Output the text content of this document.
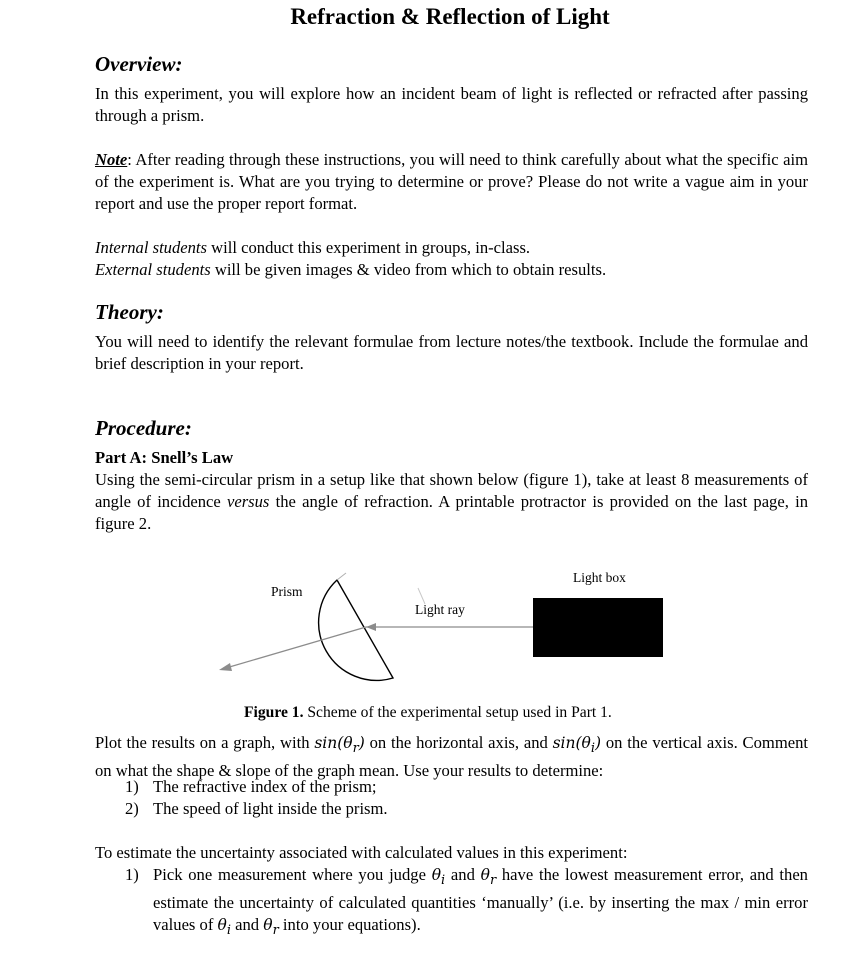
Refraction & Reflection of Light
Overview:

In this experiment, you will explore how an incident beam of light is reflected or refracted after passing through a prism.

Note: After reading through these instructions, you will need to think carefully about what the specific aim of the experiment is. What are you trying to determine or prove? Please do not write a vague aim in your report and use the proper report format.

Internal students will conduct this experiment in groups, in-class.

External students will be given images & video from which to obtain results.

Theory:

You will need to identify the relevant formulae from lecture notes/the textbook. Include the formulae and brief description in your report.

Procedure:

Part A: Snell’s Law

Using the semi-circular prism in a setup like that shown below (figure 1), take at least 8 measurements of angle of incidence versus the angle of refraction. A printable protractor is provided on the last page, in figure 2.

Prism
Light ray
Light box

Figure 1. Scheme of the experimental setup used in Part 1.

Plot the results on a graph, with $\sin(\theta_r)$ on the horizontal axis, and $\sin(\theta_i)$ on the vertical axis. Comment on what the shape & slope of the graph mean. Use your results to determine:

1) The refractive index of the prism;
2) The speed of light inside the prism.

To estimate the uncertainty associated with calculated values in this experiment:

1) Pick one measurement where you judge $\theta_i$ and $\theta_r$ have the lowest measurement error, and then estimate the uncertainty of calculated quantities ‘manually’ (i.e. by inserting the max / min error values of $\theta_i$ and $\theta_r$ into your equations).
